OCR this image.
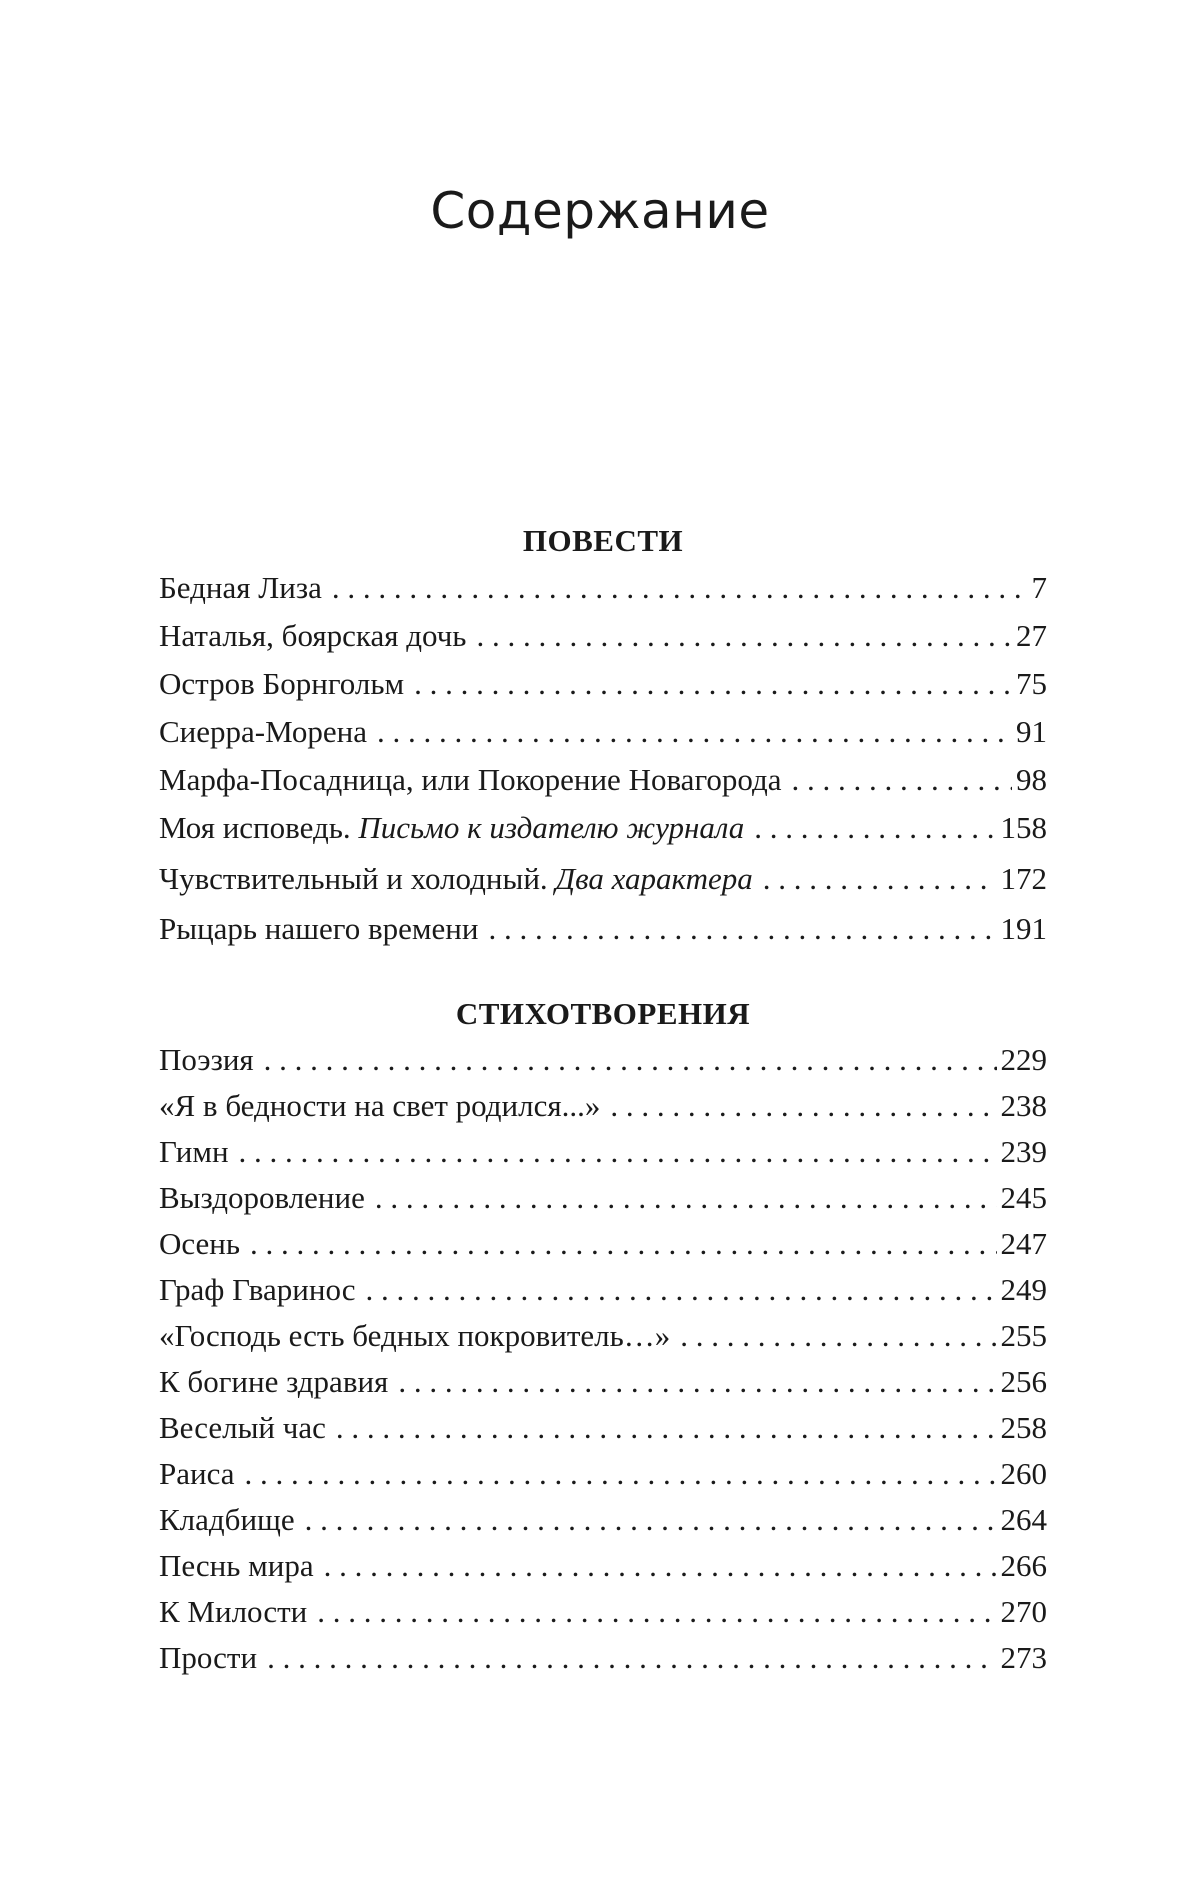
Содержание
ПОВЕСТИ
Бедная Лиза . . .	7
Наталья, боярская дочь . . .	27
Остров Борнгольм . . .	75
Сиерра-Морена . . .	91
Марфа-Посадница, или Покорение Новагорода . . .	98
Моя исповедь. Письмо к издателю журнала . . .	158
Чувствительный и холодный. Два характера . . .	172
Рыцарь нашего времени . . .	191
СТИХОТВОРЕНИЯ
Поэзия . . .	229
«Я в бедности на свет родился...» . . .	238
Гимн . . .	239
Выздоровление . . .	245
Осень . . .	247
Граф Гваринос . . .	249
«Господь есть бедных покровитель…» . . .	255
К богине здравия . . .	256
Веселый час . . .	258
Раиса . . .	260
Кладбище . . .	264
Песнь мира . . .	266
К Милости . . .	270
Прости . . .	273
